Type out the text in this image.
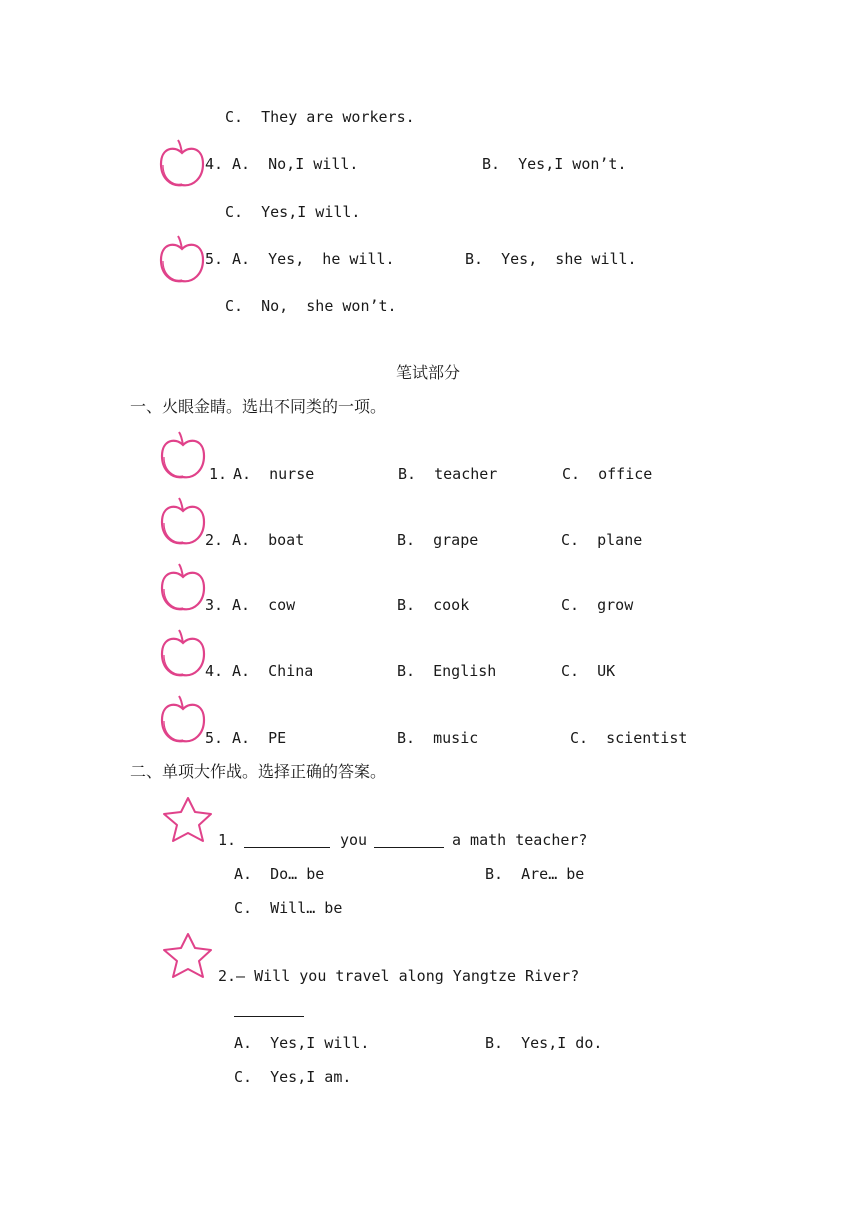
C.  They are workers.
4. A.  No,I will.	B.  Yes,I won’t.
C.  Yes,I will.
5. A.  Yes,  he will.	B.  Yes,  she will.
C.  No,  she won’t.
笔试部分
一、火眼金睛。选出不同类的一项。
1. A.  nurse	B.  teacher	C.  office
2. A.  boat	B.  grape	C.  plane
3. A.  cow	B.  cook	C.  grow
4. A.  China	B.  English	C.  UK
5. A.  PE	B.  music	C.  scientist
二、单项大作战。选择正确的答案。
1.	you	a math teacher?
A.  Do… be	B.  Are… be
C.  Will… be
2.— Will you travel along Yangtze River?
A.  Yes,I will.	B.  Yes,I do.
C.  Yes,I am.
